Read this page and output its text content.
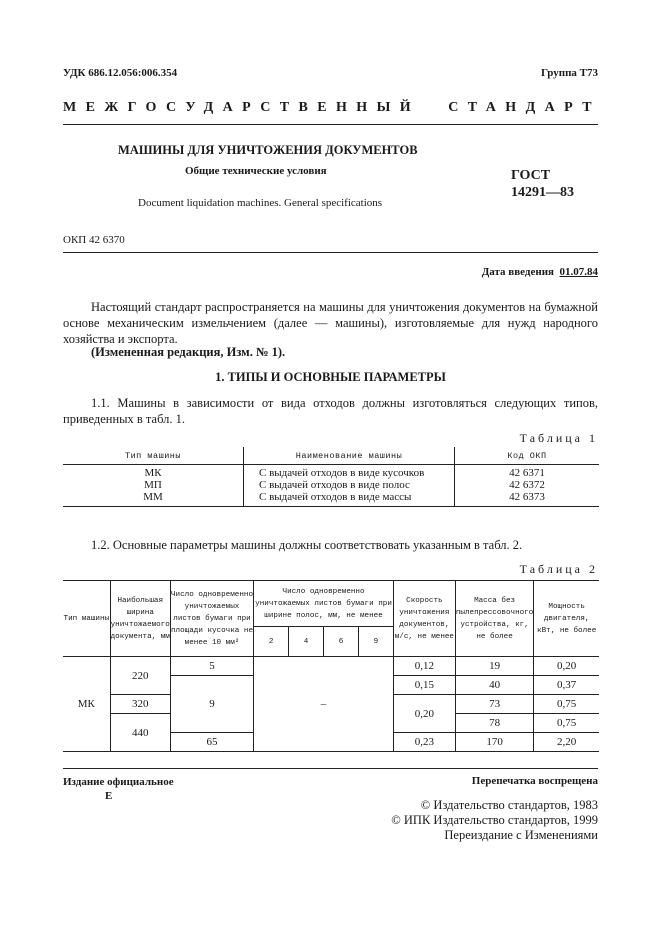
УДК 686.12.056:006.354	Группа Т73
МЕЖГОСУДАРСТВЕННЫЙ СТАНДАРТ
МАШИНЫ ДЛЯ УНИЧТОЖЕНИЯ ДОКУМЕНТОВ
Общие технические условия	ГОСТ
14291—83
Document liquidation machines. General specifications
ОКП 42 6370
Дата введения 01.07.84
Настоящий стандарт распространяется на машины для уничтожения документов на бумажной основе механическим измельчением (далее — машины), изготовляемые для нужд народного хозяйства и экспорта.
(Измененная редакция, Изм. № 1).
1. ТИПЫ И ОСНОВНЫЕ ПАРАМЕТРЫ
1.1. Машины в зависимости от вида отходов должны изготовляться следующих типов, приведенных в табл. 1.
Таблица 1
Тип машины	Наименование машины	Код ОКП
МК	С выдачей отходов в виде кусочков	42 6371
МП	С выдачей отходов в виде полос	42 6372
ММ	С выдачей отходов в виде массы	42 6373
1.2. Основные параметры машины должны соответствовать указанным в табл. 2.
Таблица 2
Тип машины	Наибольшая ширина уничтожаемого документа, мм	Число одновременно уничтожаемых листов бумаги при площади кусочка не менее 10 мм²	Число одновременно уничтожаемых листов бумаги при ширине полос, мм, не менее				Скорость уничтожения документов, м/с, не менее	Масса без пылепрессовочного устройства, кг, не более	Мощность двигателя, кВт, не более
			2	4	6	9			
МК	220	5	–				0,12	19	0,20
		9					0,15	40	0,37
	320						0,20	73	0,75
	440							78	0,75
		65					0,23	170	2,20
Издание официальное
Е
Перепечатка воспрещена
© Издательство стандартов, 1983
© ИПК Издательство стандартов, 1999
Переиздание с Изменениями
